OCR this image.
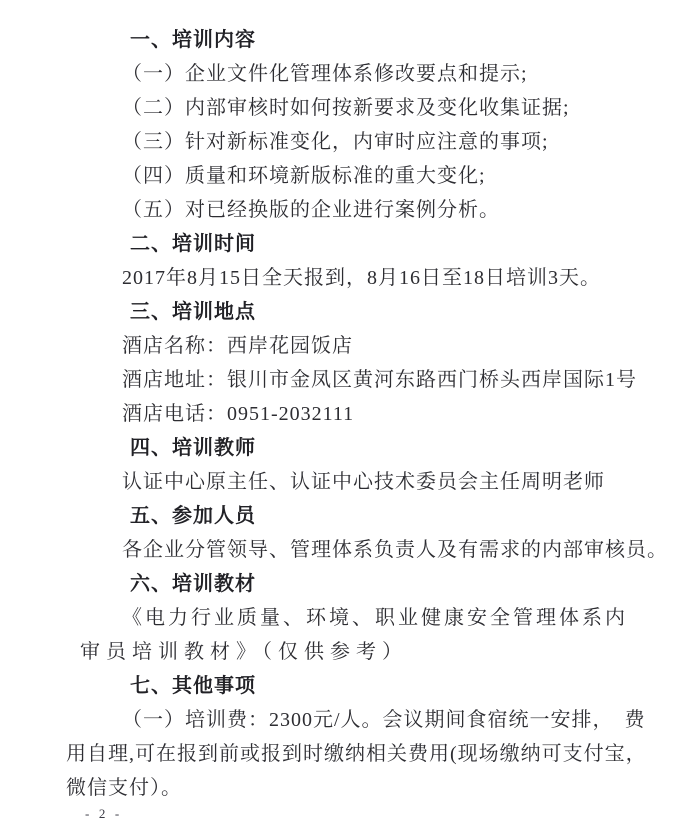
一、培训内容
（一）企业文件化管理体系修改要点和提示;
（二）内部审核时如何按新要求及变化收集证据;
（三）针对新标准变化，内审时应注意的事项;
（四）质量和环境新版标准的重大变化;
（五）对已经换版的企业进行案例分析。
二、培训时间
2017 年 8 月 15 日全天报到，8 月 16 日至 18 日培训 3 天。
三、培训地点
酒店名称： 西岸花园饭店
酒店地址： 银川市金凤区黄河东路西门桥头西岸国际 1 号
酒店电话： 0951- 2032111
四、培训教师
认证中心原主任、认证中心技术委员会主任 周明 老师
五、参加人员
各企业分管领导、管理体系负责人及有需求的内部审核员。
六、培训教材
《电力行业质量、环境、职业健康安全管理体系内
审员培训教材》（仅供参考）
七、其他事项
（一）培训费： 2300 元/人。会议期间食宿统一安排，　费
用自理,可在报到前或报到时缴纳相关费用( 现场缴纳可支付宝，
微信支付）。
- 2 -
